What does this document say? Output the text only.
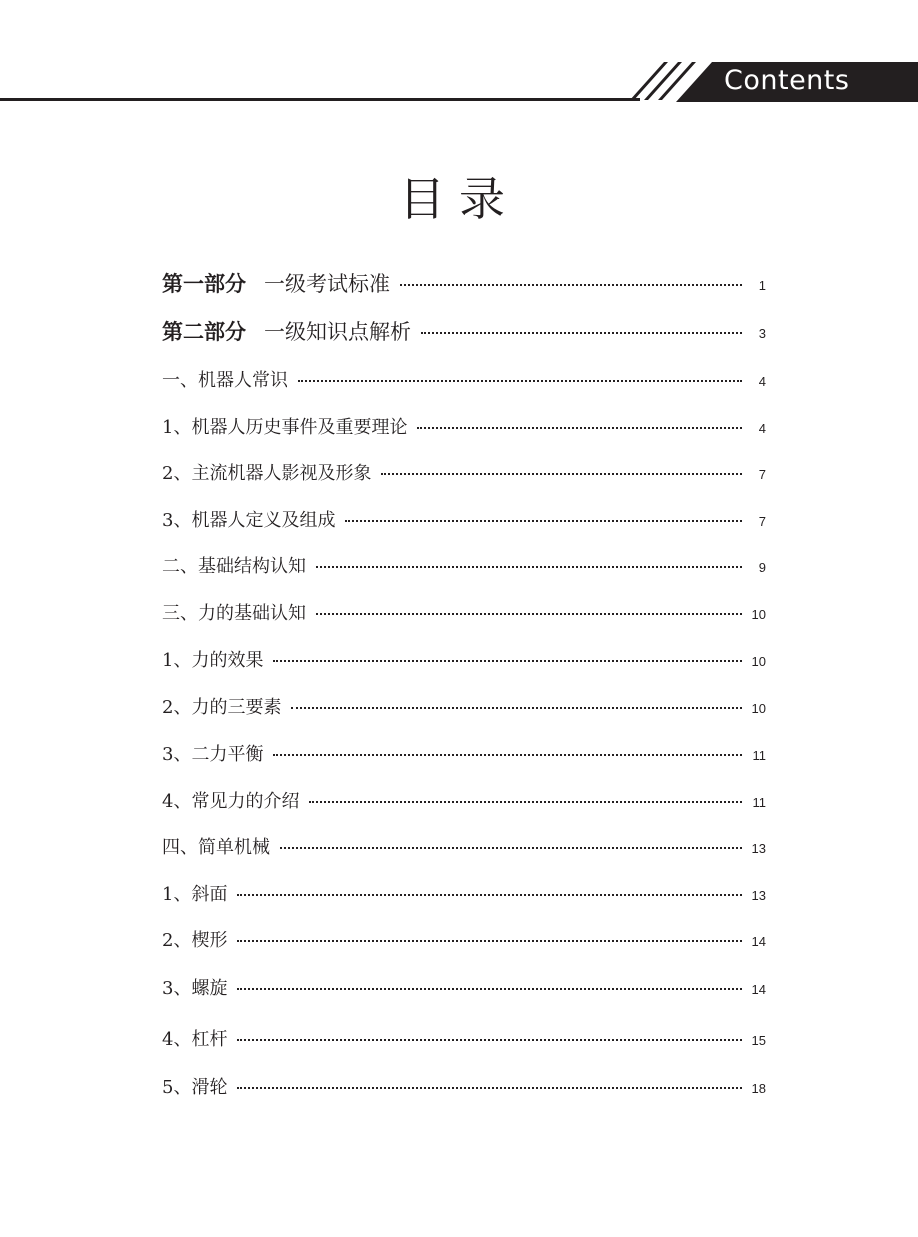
Contents
目录
第一部分 一级考试标准	1
第二部分 一级知识点解析	3
一、机器人常识	4
1、机器人历史事件及重要理论	4
2、主流机器人影视及形象	7
3、机器人定义及组成	7
二、基础结构认知	9
三、力的基础认知	10
1、力的效果	10
2、力的三要素	10
3、二力平衡	11
4、常见力的介绍	11
四、简单机械	13
1、斜面	13
2、楔形	14
3、螺旋	14
4、杠杆	15
5、滑轮	18
